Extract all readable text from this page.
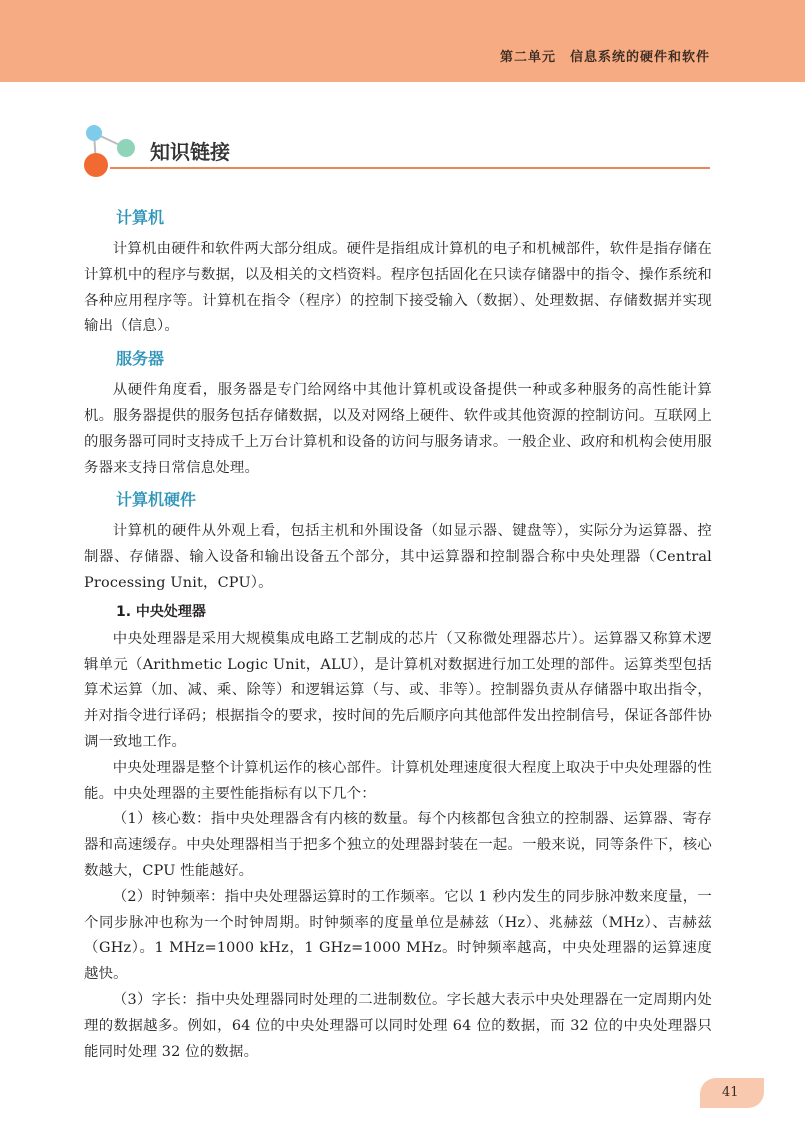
第二单元　信息系统的硬件和软件
知识链接
计算机

计算机由硬件和软件两大部分组成。硬件是指组成计算机的电子和机械部件，软件是指存储在计算机中的程序与数据，以及相关的文档资料。程序包括固化在只读存储器中的指令、操作系统和各种应用程序等。计算机在指令（程序）的控制下接受输入（数据）、处理数据、存储数据并实现输出（信息）。

服务器

从硬件角度看，服务器是专门给网络中其他计算机或设备提供一种或多种服务的高性能计算机。服务器提供的服务包括存储数据，以及对网络上硬件、软件或其他资源的控制访问。互联网上的服务器可同时支持成千上万台计算机和设备的访问与服务请求。一般企业、政府和机构会使用服务器来支持日常信息处理。

计算机硬件

计算机的硬件从外观上看，包括主机和外围设备（如显示器、键盘等），实际分为运算器、控制器、存储器、输入设备和输出设备五个部分，其中运算器和控制器合称中央处理器（Central Processing Unit，CPU）。

1. 中央处理器

中央处理器是采用大规模集成电路工艺制成的芯片（又称微处理器芯片）。运算器又称算术逻辑单元（Arithmetic Logic Unit，ALU），是计算机对数据进行加工处理的部件。运算类型包括算术运算（加、减、乘、除等）和逻辑运算（与、或、非等）。控制器负责从存储器中取出指令，并对指令进行译码；根据指令的要求，按时间的先后顺序向其他部件发出控制信号，保证各部件协调一致地工作。

中央处理器是整个计算机运作的核心部件。计算机处理速度很大程度上取决于中央处理器的性能。中央处理器的主要性能指标有以下几个：

（1）核心数：指中央处理器含有内核的数量。每个内核都包含独立的控制器、运算器、寄存器和高速缓存。中央处理器相当于把多个独立的处理器封装在一起。一般来说，同等条件下，核心数越大，CPU 性能越好。

（2）时钟频率：指中央处理器运算时的工作频率。它以 1 秒内发生的同步脉冲数来度量，一个同步脉冲也称为一个时钟周期。时钟频率的度量单位是赫兹（Hz）、兆赫兹（MHz）、吉赫兹（GHz）。1 MHz=1000 kHz，1 GHz=1000 MHz。时钟频率越高，中央处理器的运算速度越快。

（3）字长：指中央处理器同时处理的二进制数位。字长越大表示中央处理器在一定周期内处理的数据越多。例如，64 位的中央处理器可以同时处理 64 位的数据，而 32 位的中央处理器只能同时处理 32 位的数据。

41
